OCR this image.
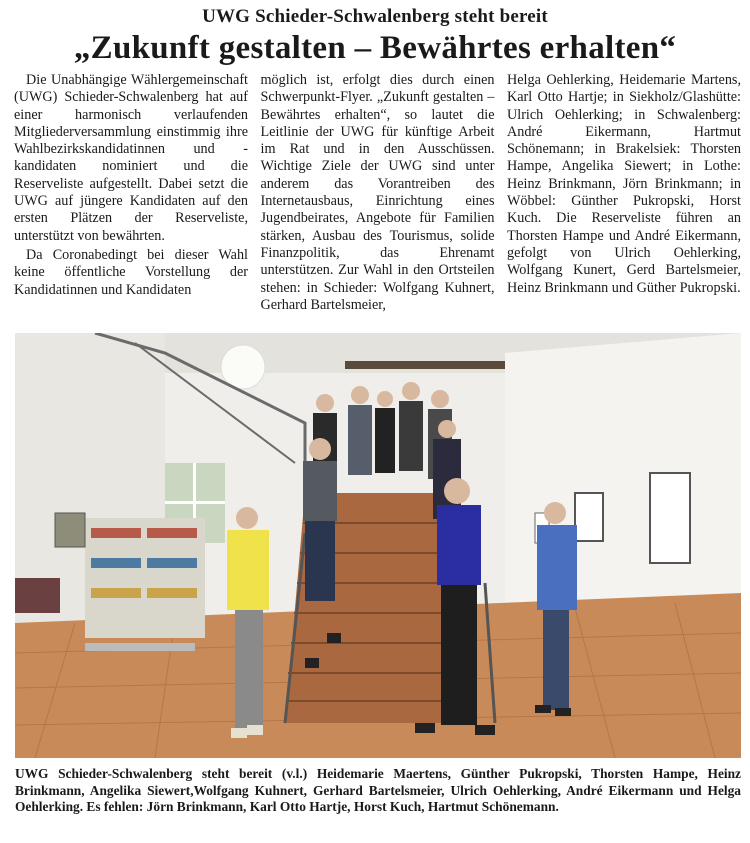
UWG Schieder-Schwalenberg steht bereit
„Zukunft gestalten – Bewährtes erhalten“

Die Unabhängige Wählergemeinschaft (UWG) Schieder-Schwalenberg hat auf einer harmonisch verlaufenden Mitgliederversammlung einstimmig ihre Wahlbezirkskandidatinnen und -kandidaten nominiert und die Reserveliste aufgestellt. Dabei setzt die UWG auf jüngere Kandidaten auf den ersten Plätzen der Reserveliste, unterstützt von bewährten.

Da Coronabedingt bei dieser Wahl keine öffentliche Vorstellung der Kandidatinnen und Kandidaten

möglich ist, erfolgt dies durch einen Schwerpunkt-Flyer. „Zukunft gestalten – Bewährtes erhalten“, so lautet die Leitlinie der UWG für künftige Arbeit im Rat und in den Ausschüssen. Wichtige Ziele der UWG sind unter anderem das Vorantreiben des Internetausbaus, Einrichtung eines Jugendbeirates, Angebote für Familien stärken, Ausbau des Tourismus, solide Finanzpolitik, das Ehrenamt unterstützen. Zur Wahl in den Ortsteilen stehen: in Schieder: Wolfgang Kuhnert, Gerhard Bartelsmeier,

Helga Oehlerking, Heidemarie Martens, Karl Otto Hartje; in Siekholz/Glashütte: Ulrich Oehlerking; in Schwalenberg: André Eikermann, Hartmut Schönemann; in Brakelsiek: Thorsten Hampe, Angelika Siewert; in Lothe: Heinz Brinkmann, Jörn Brinkmann; in Wöbbel: Günther Pukropski, Horst Kuch. Die Reserveliste führen an Thorsten Hampe und André Eikermann, gefolgt von Ulrich Oehlerking, Wolfgang Kunert, Gerd Bartelsmeier, Heinz Brinkmann und Güther Pukropski.

UWG Schieder-Schwalenberg steht bereit (v.l.) Heidemarie Maertens, Günther Pukropski, Thorsten Hampe, Heinz Brinkmann, Angelika Siewert,Wolfgang Kuhnert, Gerhard Bartelsmeier, Ulrich Oehlerking, André Eikermann und Helga Oehlerking. Es fehlen: Jörn Brinkmann, Karl Otto Hartje, Horst Kuch, Hartmut Schönemann.
